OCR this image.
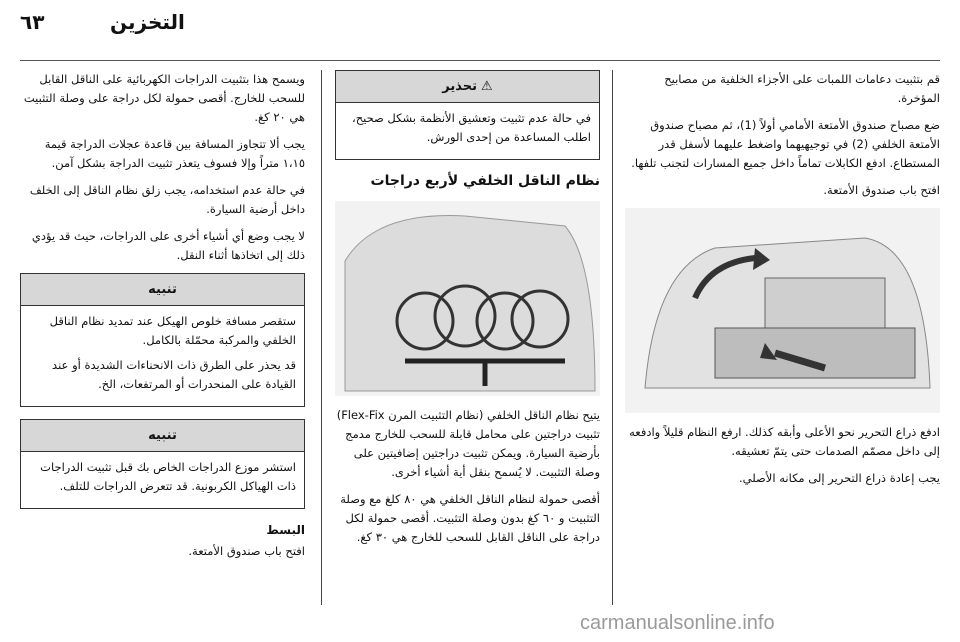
٦٣	التخزين

قم بتثبيت دعامات اللمبات على الأجزاء الخلفية من مصابيح المؤخرة.

ضع مصباح صندوق الأمتعة الأمامي أولاً (1)، ثم مصباح صندوق الأمتعة الخلفي (2) في توجيهيهما واضغط عليهما لأسفل قدر المستطاع. ادفع الكابلات تماماً داخل جميع المسارات لتجنب تلفها.

افتح باب صندوق الأمتعة.

ادفع ذراع التحرير نحو الأعلى وأبقه كذلك. ارفع النظام قليلاً وادفعه إلى داخل مصمّم الصدمات حتى يتمّ تعشيقه.

يجب إعادة ذراع التحرير إلى مكانه الأصلي.

⚠تحذير

في حالة عدم تثبيت وتعشيق الأنظمة بشكل صحيح، اطلب المساعدة من إحدى الورش.

نظام الناقل الخلفي لأربع دراجات

يتيح نظام الناقل الخلفي (نظام التثبيت المرن Flex-Fix) تثبيت دراجتين على محامل قابلة للسحب للخارج مدمج بأرضية السيارة. ويمكن تثبيت دراجتين إضافيتين على وصلة التثبيت. لا يُسمح بنقل أية أشياء أخرى.

أقصى حمولة لنظام الناقل الخلفي هي ٨٠ كلغ مع وصلة التثبيت و ٦٠ كغ بدون وصلة التثبيت. أقصى حمولة لكل دراجة على الناقل القابل للسحب للخارج هي ٣٠ كغ.

ويسمح هذا بتثبيت الدراجات الكهربائية على الناقل القابل للسحب للخارج. أقصى حمولة لكل دراجة على وصلة التثبيت هي ٢٠ كغ.

يجب ألا تتجاوز المسافة بين قاعدة عجلات الدراجة قيمة ١،١٥ متراً وإلا فسوف يتعذر تثبيت الدراجة بشكل آمن.

في حالة عدم استخدامه، يجب زلق نظام الناقل إلى الخلف داخل أرضية السيارة.

لا يجب وضع أي أشياء أخرى على الدراجات، حيث قد يؤدي ذلك إلى اتخاذها أثناء النقل.

تنبيه

ستقصر مسافة خلوص الهيكل عند تمديد نظام الناقل الخلفي والمركبة محمّلة بالكامل.

قد يحذر على الطرق ذات الانحناءات الشديدة أو عند القيادة على المنحدرات أو المرتفعات، الخ.

تنبيه

استشر موزع الدراجات الخاص بك قبل تثبيت الدراجات ذات الهياكل الكربونية. قد تتعرض الدراجات للتلف.

البسط

افتح باب صندوق الأمتعة.

carmanualsonline.info
